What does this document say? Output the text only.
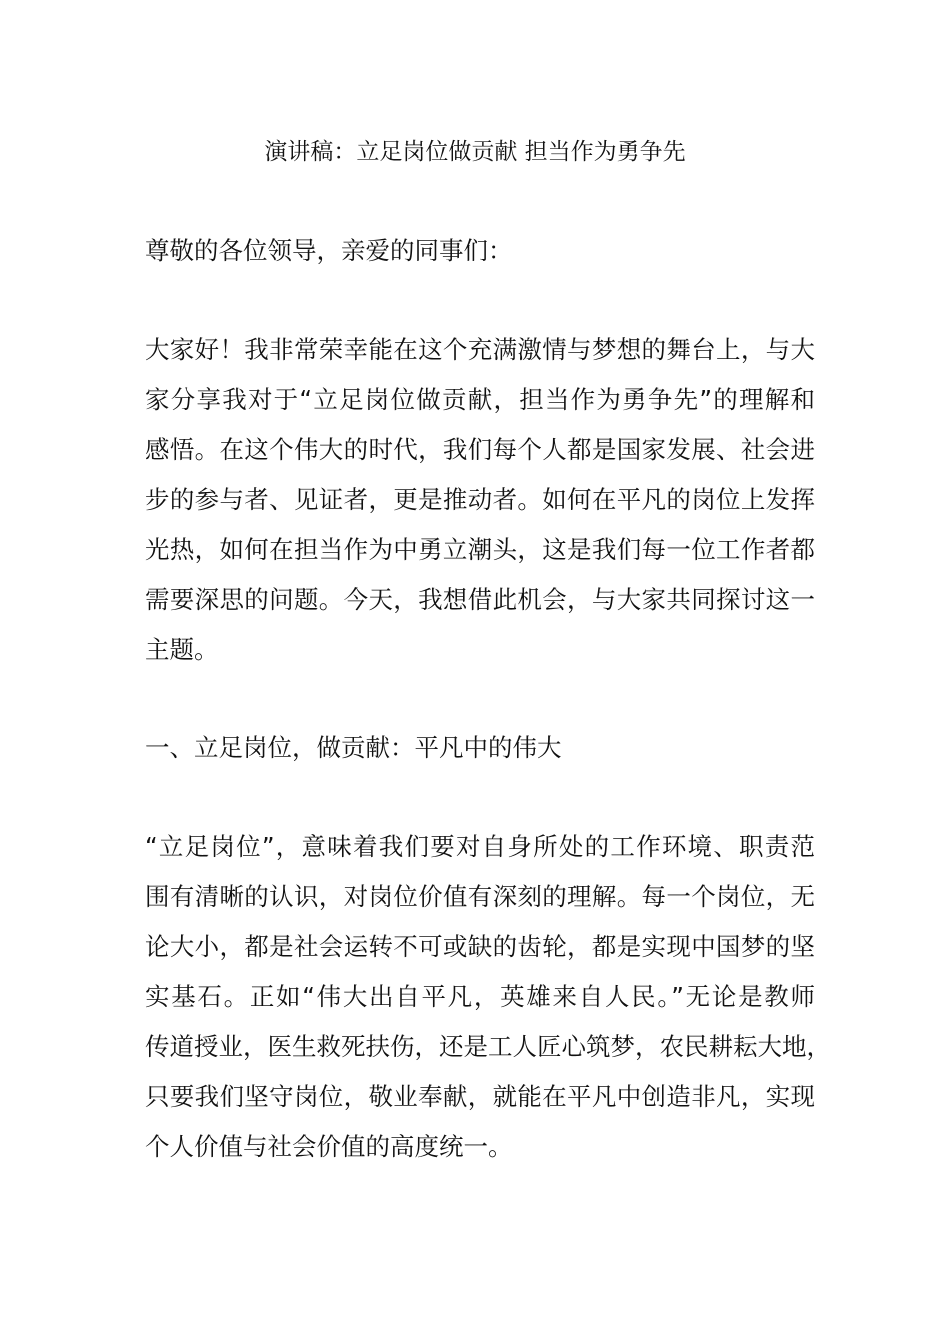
演讲稿：立足岗位做贡献 担当作为勇争先
尊敬的各位领导，亲爱的同事们：
大家好！我非常荣幸能在这个充满激情与梦想的舞台上，与大
家分享我对于“立足岗位做贡献，担当作为勇争先”的理解和
感悟。在这个伟大的时代，我们每个人都是国家发展、社会进
步的参与者、见证者，更是推动者。如何在平凡的岗位上发挥
光热，如何在担当作为中勇立潮头，这是我们每一位工作者都
需要深思的问题。今天，我想借此机会，与大家共同探讨这一
主题。
一、立足岗位，做贡献：平凡中的伟大
“立足岗位”，意味着我们要对自身所处的工作环境、职责范
围有清晰的认识，对岗位价值有深刻的理解。每一个岗位，无
论大小，都是社会运转不可或缺的齿轮，都是实现中国梦的坚
实基石。正如“伟大出自平凡，英雄来自人民。”无论是教师
传道授业，医生救死扶伤，还是工人匠心筑梦，农民耕耘大地，
只要我们坚守岗位，敬业奉献，就能在平凡中创造非凡，实现
个人价值与社会价值的高度统一。
